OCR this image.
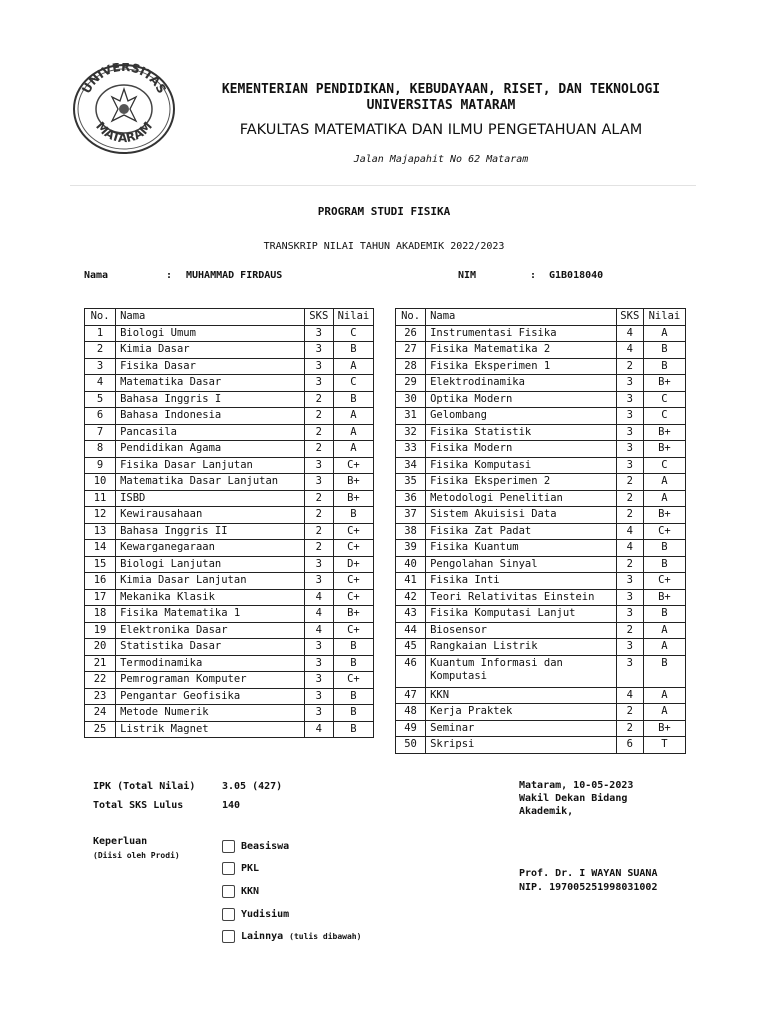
UNIVERSITAS
MATARAM
KEMENTERIAN PENDIDIKAN, KEBUDAYAAN, RISET, DAN TEKNOLOGI
UNIVERSITAS MATARAM
FAKULTAS MATEMATIKA DAN ILMU PENGETAHUAN ALAM
Jalan Majapahit No 62 Mataram
PROGRAM STUDI FISIKA
TRANSKRIP NILAI TAHUN AKADEMIK 2022/2023
Nama	: MUHAMMAD FIRDAUS	NIM	: G1B018040
No.	Nama	SKS	Nilai
1	Biologi Umum	3	C
2	Kimia Dasar	3	B
3	Fisika Dasar	3	A
4	Matematika Dasar	3	C
5	Bahasa Inggris I	2	B
6	Bahasa Indonesia	2	A
7	Pancasila	2	A
8	Pendidikan Agama	2	A
9	Fisika Dasar Lanjutan	3	C+
10	Matematika Dasar Lanjutan	3	B+
11	ISBD	2	B+
12	Kewirausahaan	2	B
13	Bahasa Inggris II	2	C+
14	Kewarganegaraan	2	C+
15	Biologi Lanjutan	3	D+
16	Kimia Dasar Lanjutan	3	C+
17	Mekanika Klasik	4	C+
18	Fisika Matematika 1	4	B+
19	Elektronika Dasar	4	C+
20	Statistika Dasar	3	B
21	Termodinamika	3	B
22	Pemrograman Komputer	3	C+
23	Pengantar Geofisika	3	B
24	Metode Numerik	3	B
25	Listrik Magnet	4	B
No.	Nama	SKS	Nilai
26	Instrumentasi Fisika	4	A
27	Fisika Matematika 2	4	B
28	Fisika Eksperimen 1	2	B
29	Elektrodinamika	3	B+
30	Optika Modern	3	C
31	Gelombang	3	C
32	Fisika Statistik	3	B+
33	Fisika Modern	3	B+
34	Fisika Komputasi	3	C
35	Fisika Eksperimen 2	2	A
36	Metodologi Penelitian	2	A
37	Sistem Akuisisi Data	2	B+
38	Fisika Zat Padat	4	C+
39	Fisika Kuantum	4	B
40	Pengolahan Sinyal	2	B
41	Fisika Inti	3	C+
42	Teori Relativitas Einstein	3	B+
43	Fisika Komputasi Lanjut	3	B
44	Biosensor	2	A
45	Rangkaian Listrik	3	A
46	Kuantum Informasi dan Komputasi	3	B
47	KKN	4	A
48	Kerja Praktek	2	A
49	Seminar	2	B+
50	Skripsi	6	T
IPK (Total Nilai)	3.05 (427)
Total SKS Lulus	140
Keperluan
(Diisi oleh Prodi)
Beasiswa
PKL
KKN
Yudisium
Lainnya (tulis dibawah)
Mataram, 10-05-2023
Wakil Dekan Bidang
Akademik,
Prof. Dr. I WAYAN SUANA
NIP. 197005251998031002
